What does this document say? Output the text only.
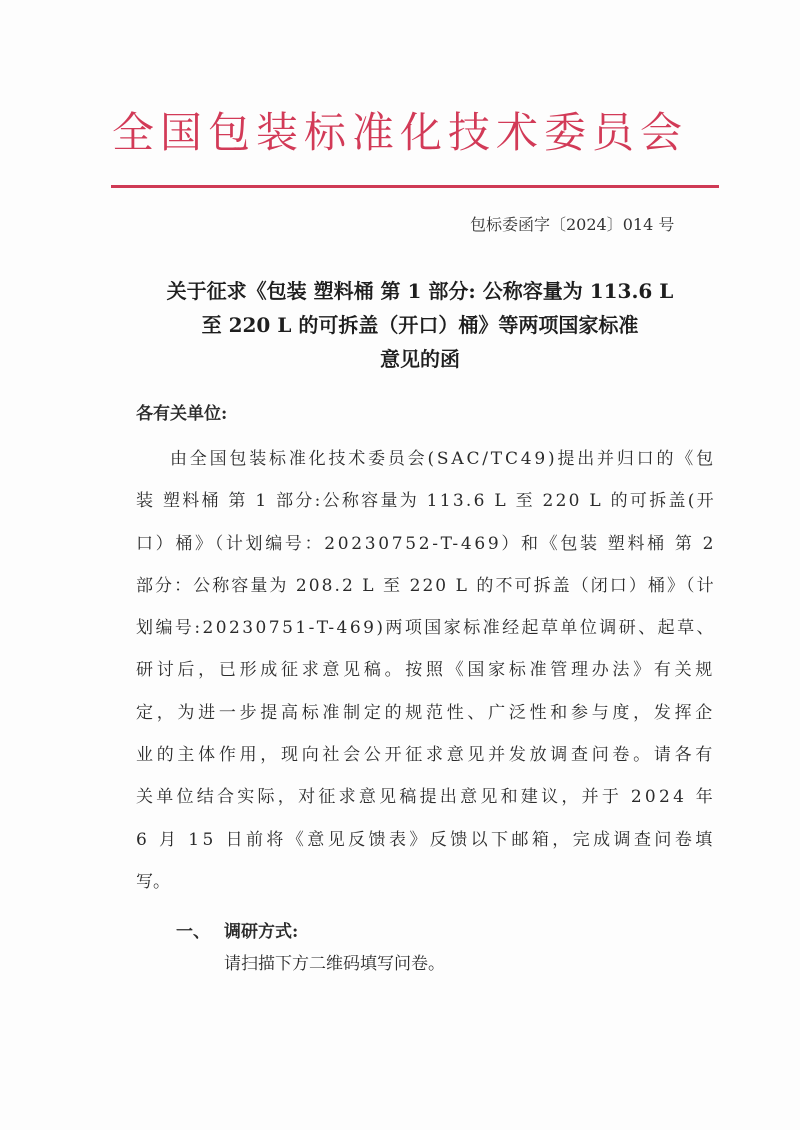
全国包装标准化技术委员会
包标委函字〔2024〕014 号
关于征求《包装 塑料桶 第 1 部分: 公称容量为 113.6 L
至 220 L 的可拆盖（开口）桶》等两项国家标准
意见的函
各有关单位:
由全国包装标准化技术委员会(SAC/TC49)提出并归口的《包
装 塑料桶 第 1 部分:公称容量为 113.6 L 至 220 L 的可拆盖(开
口）桶》（计划编号：20230752-T-469）和《包装 塑料桶 第 2
部分：公称容量为 208.2 L 至 220 L 的不可拆盖（闭口）桶》（计
划编号:20230751-T-469)两项国家标准经起草单位调研、起草、
研讨后，已形成征求意见稿。按照《国家标准管理办法》有关规
定，为进一步提高标准制定的规范性、广泛性和参与度，发挥企
业的主体作用，现向社会公开征求意见并发放调查问卷。请各有
关单位结合实际，对征求意见稿提出意见和建议，并于 2024 年
6 月 15 日前将《意见反馈表》反馈以下邮箱，完成调查问卷填
写。
一、 调研方式:
请扫描下方二维码填写问卷。
